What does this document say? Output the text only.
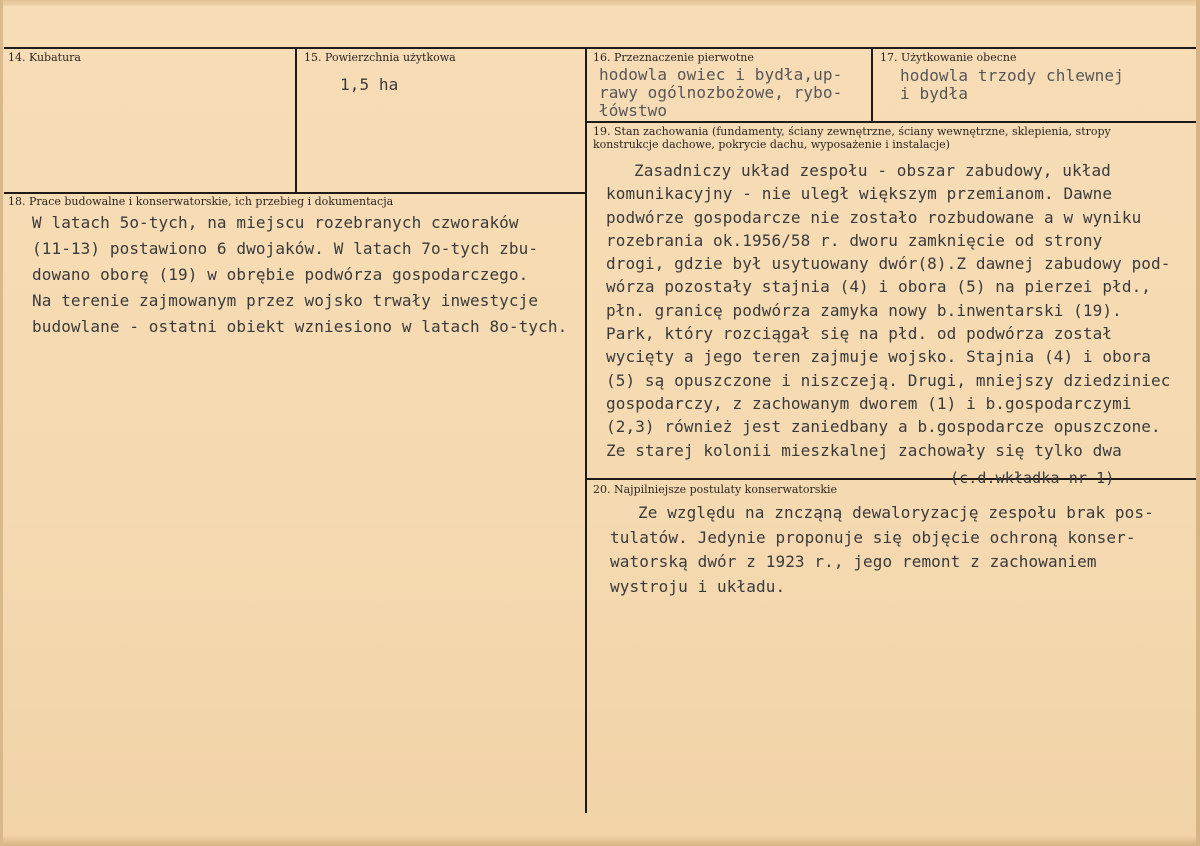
14. Kubatura	15. Powierzchnia użytkowa
1,5 ha
16. Przeznaczenie pierwotne
hodowla owiec i bydła,up-
rawy ogólnozbożowe, rybo-
łówstwo
17. Użytkowanie obecne
hodowla trzody chlewnej
i bydła
18. Prace budowalne i konserwatorskie, ich przebieg i dokumentacja
W latach 5o-tych, na miejscu rozebranych czworaków
(11-13) postawiono 6 dwojaków. W latach 7o-tych zbu-
dowano oborę (19) w obrębie podwórza gospodarczego.
Na terenie zajmowanym przez wojsko trwały inwestycje
budowlane - ostatni obiekt wzniesiono w latach 8o-tych.
19. Stan zachowania (fundamenty, ściany zewnętrzne, ściany wewnętrzne, sklepienia, stropy konstrukcje dachowe, pokrycie dachu, wyposażenie i instalacje)
Zasadniczy układ zespołu - obszar zabudowy, układ
komunikacyjny - nie uległ większym przemianom. Dawne
podwórze gospodarcze nie zostało rozbudowane a w wyniku
rozebrania ok.1956/58 r. dworu zamknięcie od strony
drogi, gdzie był usytuowany dwór(8).Z dawnej zabudowy pod-
wórza pozostały stajnia (4) i obora (5) na pierzei płd.,
płn. granicę podwórza zamyka nowy b.inwentarski (19).
Park, który rozciągał się na płd. od podwórza został
wycięty a jego teren zajmuje wojsko. Stajnia (4) i obora
(5) są opuszczone i niszczeją. Drugi, mniejszy dziedziniec
gospodarczy, z zachowanym dworem (1) i b.gospodarczymi
(2,3) również jest zaniedbany a b.gospodarcze opuszczone.
Ze starej kolonii mieszkalnej zachowały się tylko dwa
(c.d.wkładka nr 1)
20. Najpilniejsze postulaty konserwatorskie
Ze względu na zncząną dewaloryzację zespołu brak pos-
tulatów. Jedynie proponuje się objęcie ochroną konser-
watorską dwór z 1923 r., jego remont z zachowaniem
wystroju i układu.
